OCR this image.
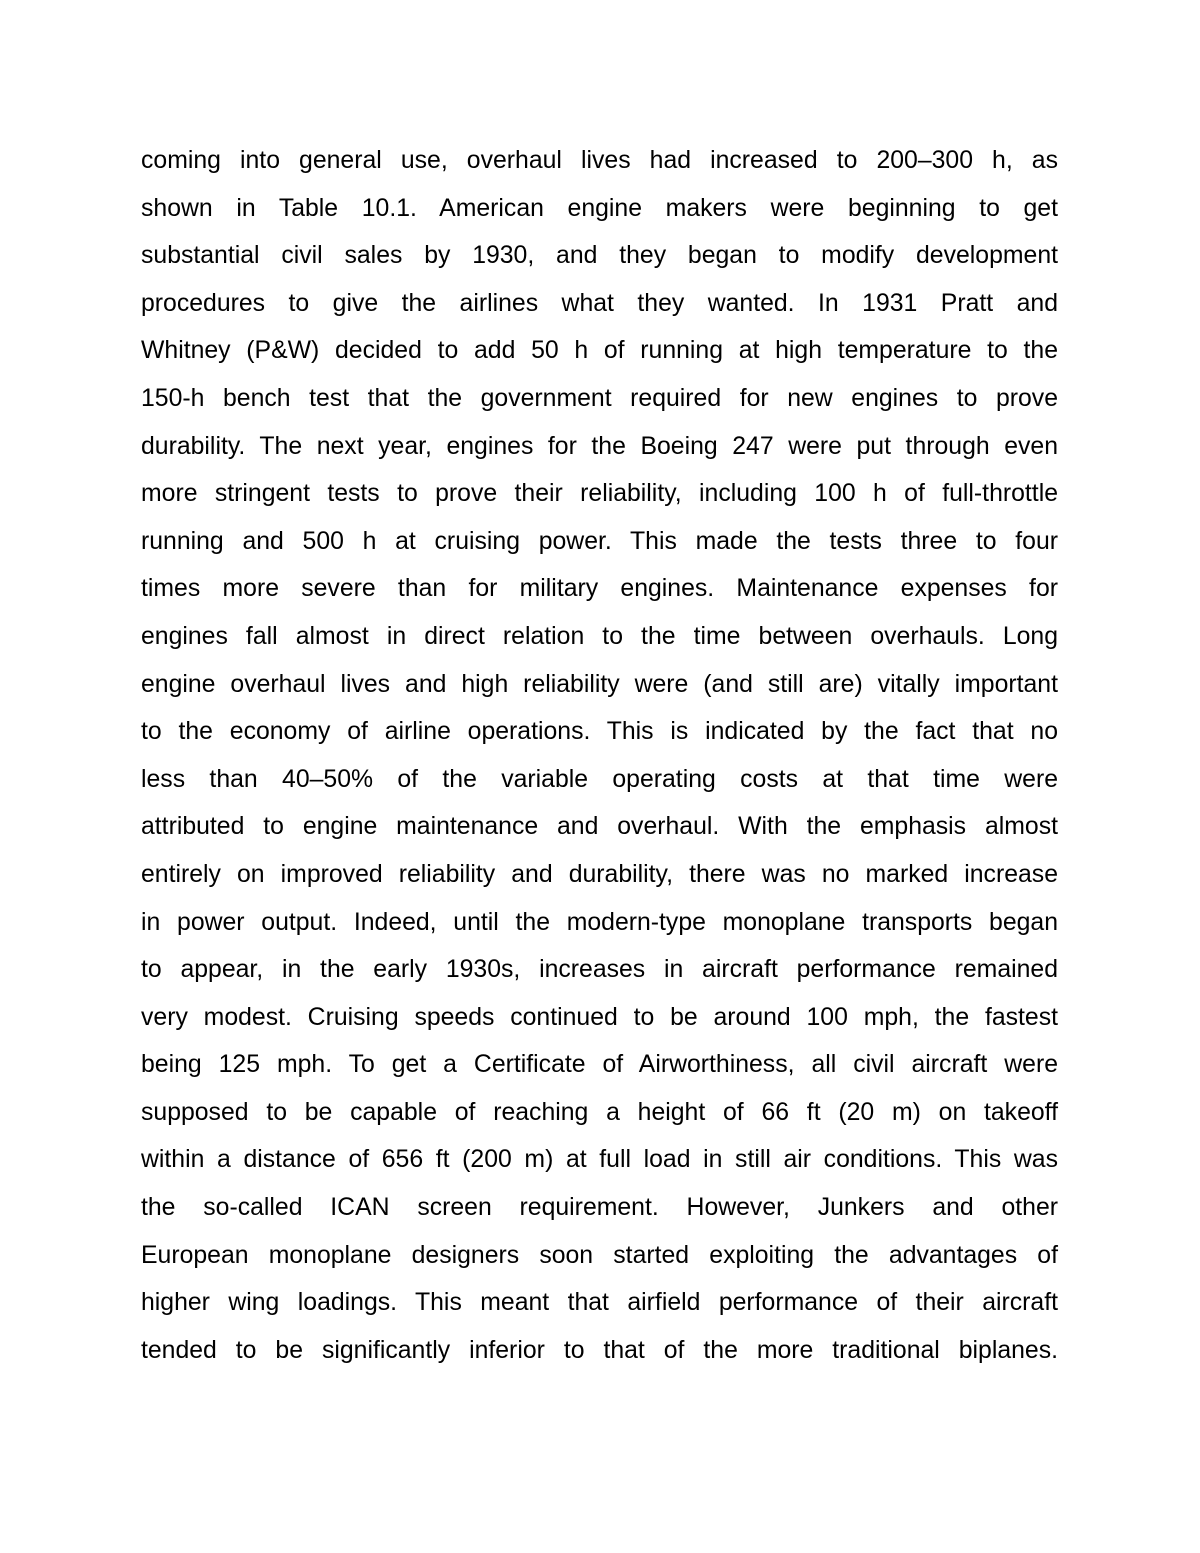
coming into general use, overhaul lives had increased to 200–300 h, as
shown in Table 10.1. American engine makers were beginning to get
substantial civil sales by 1930, and they began to modify development
procedures to give the airlines what they wanted. In 1931 Pratt and
Whitney (P&W) decided to add 50 h of running at high temperature to the
150-h bench test that the government required for new engines to prove
durability. The next year, engines for the Boeing 247 were put through even
more stringent tests to prove their reliability, including 100 h of full-throttle
running and 500 h at cruising power. This made the tests three to four
times more severe than for military engines. Maintenance expenses for
engines fall almost in direct relation to the time between overhauls. Long
engine overhaul lives and high reliability were (and still are) vitally important
to the economy of airline operations. This is indicated by the fact that no
less than 40–50% of the variable operating costs at that time were
attributed to engine maintenance and overhaul. With the emphasis almost
entirely on improved reliability and durability, there was no marked increase
in power output. Indeed, until the modern-type monoplane transports began
to appear, in the early 1930s, increases in aircraft performance remained
very modest. Cruising speeds continued to be around 100 mph, the fastest
being 125 mph. To get a Certificate of Airworthiness, all civil aircraft were
supposed to be capable of reaching a height of 66 ft (20 m) on takeoff
within a distance of 656 ft (200 m) at full load in still air conditions. This was
the so-called ICAN screen requirement. However, Junkers and other
European monoplane designers soon started exploiting the advantages of
higher wing loadings. This meant that airfield performance of their aircraft
tended to be significantly inferior to that of the more traditional biplanes.
